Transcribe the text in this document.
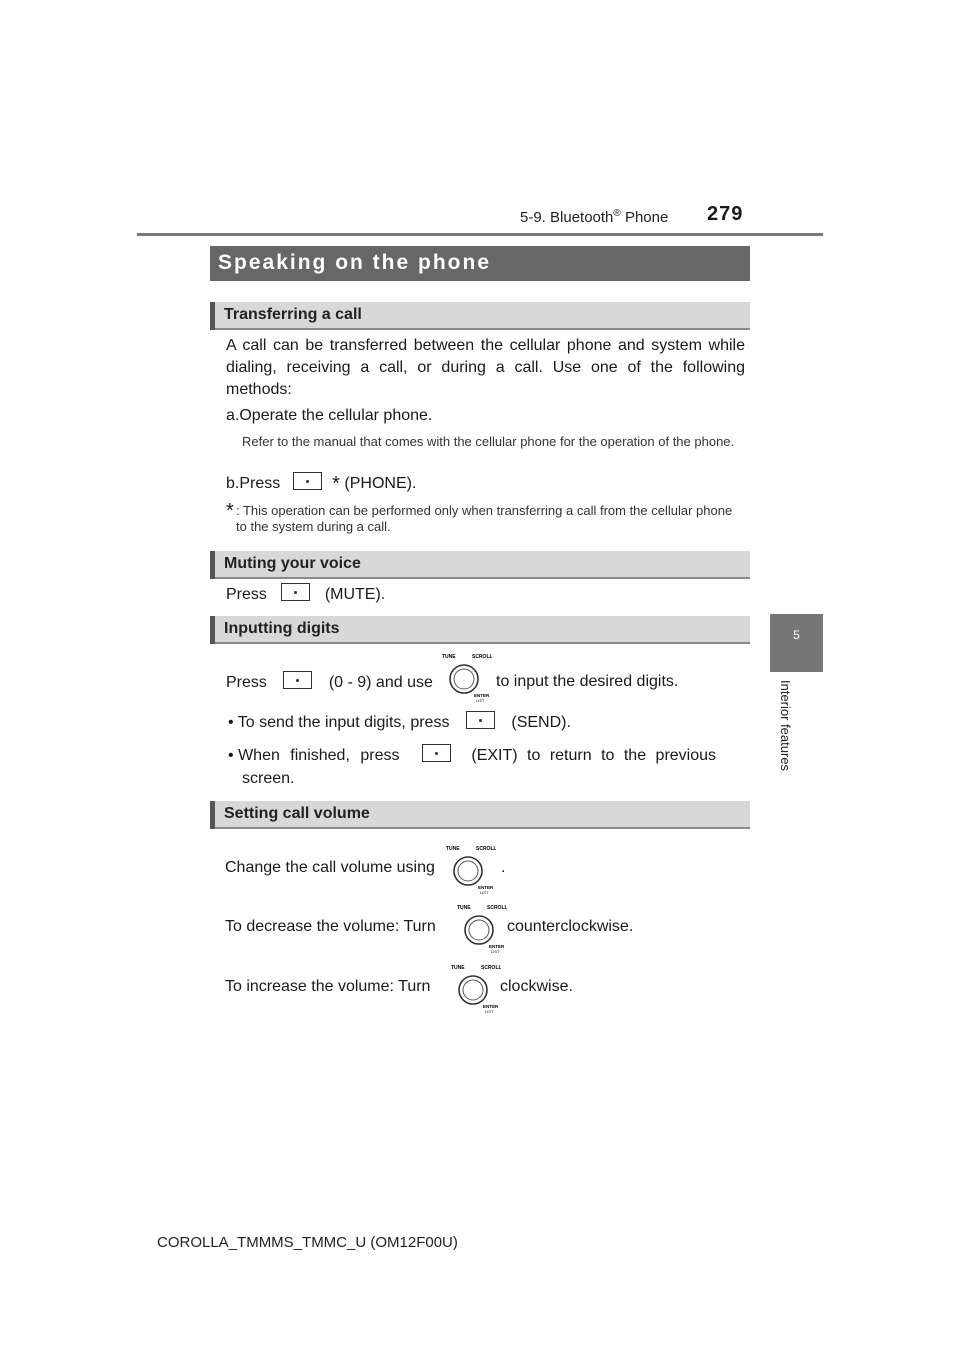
5-9. Bluetooth® Phone 279
5
Interior features
Speaking on the phone
Transferring a call
A call can be transferred between the cellular phone and system while dialing, receiving a call, or during a call. Use one of the following methods:
a.Operate the cellular phone.
Refer to the manual that comes with the cellular phone for the operation of the phone.
b.Press	* (PHONE).
* : This operation can be performed only when transferring a call from the cellular phone to the system during a call.
Muting your voice
Press	(MUTE).
Inputting digits
Press	(0 - 9) and use
TUNE	SCROLL
ENTER
LIST
to input the desired digits.
• To send the input digits, press	(SEND).
• When finished, press	(EXIT) to return to the previous
screen.
Setting call volume
Change the call volume using
TUNE	SCROLL
ENTER
LIST
.
To decrease the volume: Turn
TUNE	SCROLL
ENTER
LIST
counterclockwise.
To increase the volume: Turn
TUNE	SCROLL
ENTER
LIST
clockwise.
COROLLA_TMMMS_TMMC_U (OM12F00U)
